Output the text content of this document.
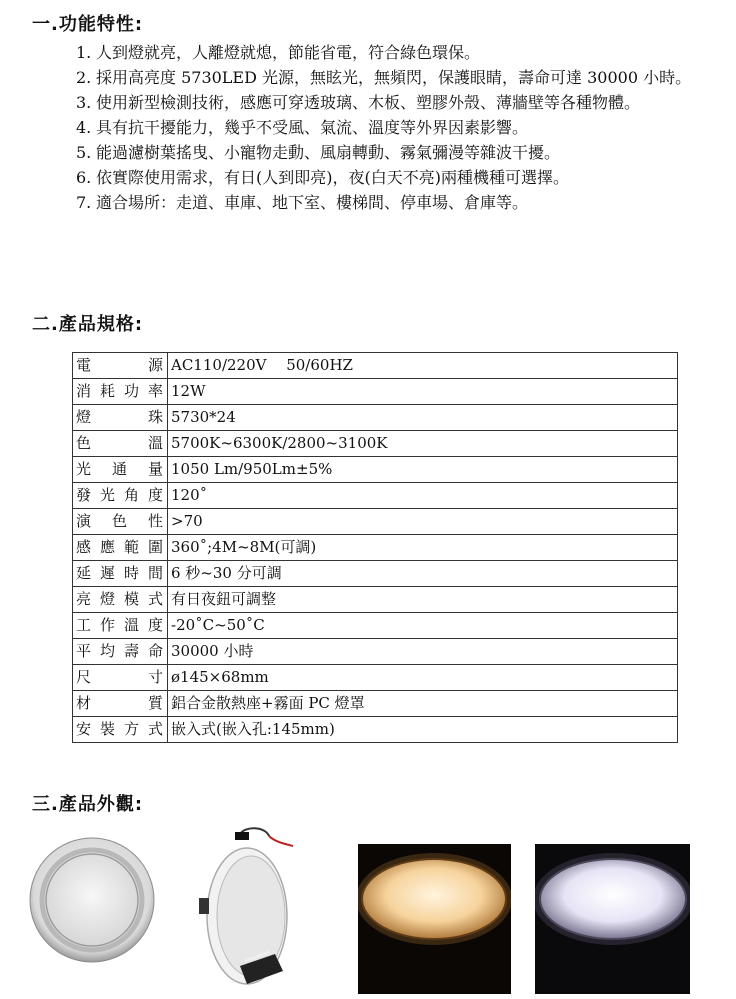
一.功能特性:
1. 人到燈就亮，人離燈就熄，節能省電，符合綠色環保。
2. 採用高亮度 5730LED 光源，無眩光，無頻閃，保護眼睛，壽命可達 30000 小時。
3. 使用新型檢測技術，感應可穿透玻璃、木板、塑膠外殼、薄牆壁等各種物體。
4. 具有抗干擾能力，幾乎不受風、氣流、溫度等外界因素影響。
5. 能過濾樹葉搖曳、小寵物走動、風扇轉動、霧氣彌漫等雜波干擾。
6. 依實際使用需求，有日(人到即亮)，夜(白天不亮)兩種機種可選擇。
7. 適合場所：走道、車庫、地下室、樓梯間、停車場、倉庫等。
二.產品規格:
電 源	AC110/220V　 50/60HZ

消 耗 功 率	12W

燈 珠	5730*24

色 溫	5700K~6300K/2800~3100K

光 通 量	1050 Lm/950Lm±5%

發 光 角 度	120˚

演 色 性	>70

感 應 範 圍	360˚;4M~8M(可調)

延 遲 時 間	6 秒~30 分可調

亮 燈 模 式	有日夜鈕可調整

工 作 溫 度	-20˚C~50˚C

平 均 壽 命	30000 小時

尺 寸	ø145×68mm

材 質	鋁合金散熱座+霧面 PC 燈罩

安 裝 方 式	嵌入式(嵌入孔:145mm)
三.產品外觀:
